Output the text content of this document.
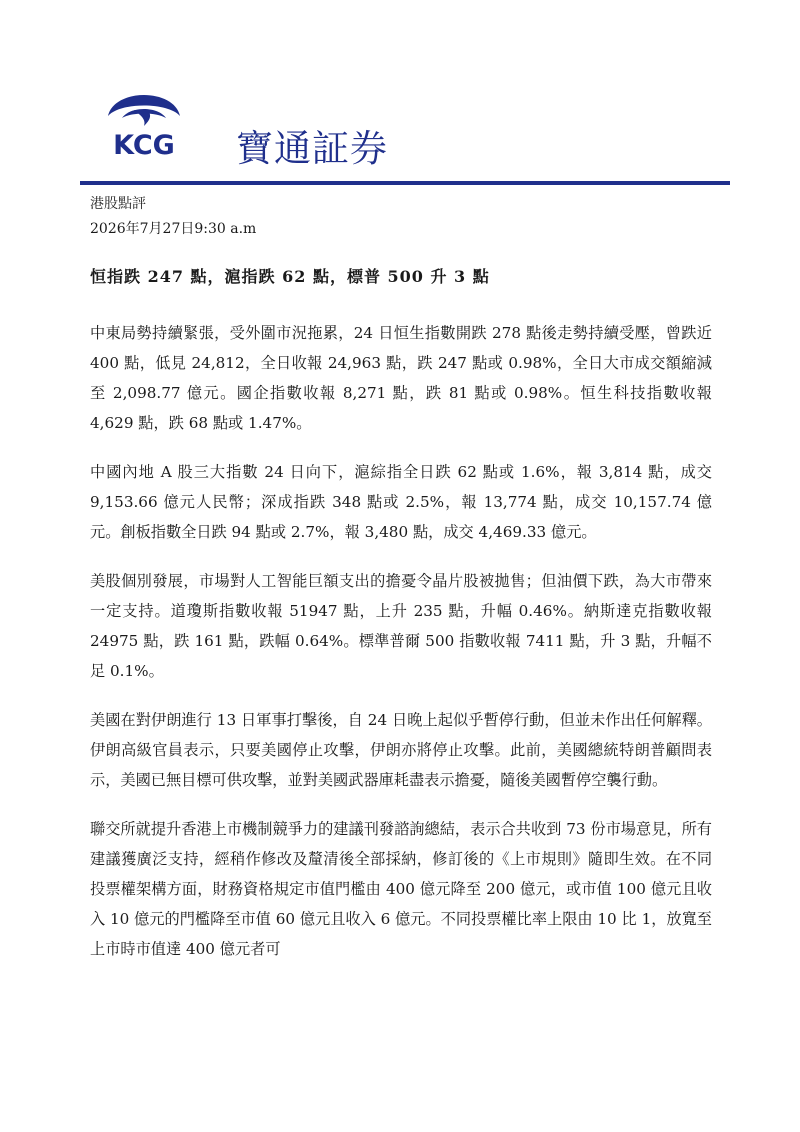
KCG 寶通証券
港股點評
2026年7月27日9:30 a.m
恒指跌 247 點，滬指跌 62 點，標普 500 升 3 點

中東局勢持續緊張，受外圍市況拖累，24 日恒生指數開跌 278 點後走勢持續受壓，曾跌近 400 點，低見 24,812，全日收報 24,963 點，跌 247 點或 0.98%，全日大市成交額縮減至 2,098.77 億元。國企指數收報 8,271 點，跌 81 點或 0.98%。恒生科技指數收報 4,629 點，跌 68 點或 1.47%。

中國內地 A 股三大指數 24 日向下，滬綜指全日跌 62 點或 1.6%，報 3,814 點，成交 9,153.66 億元人民幣；深成指跌 348 點或 2.5%，報 13,774 點，成交 10,157.74 億元。創板指數全日跌 94 點或 2.7%，報 3,480 點，成交 4,469.33 億元。

美股個別發展，市場對人工智能巨額支出的擔憂令晶片股被拋售；但油價下跌，為大市帶來一定支持。道瓊斯指數收報 51947 點，上升 235 點，升幅 0.46%。納斯達克指數收報 24975 點，跌 161 點，跌幅 0.64%。標準普爾 500 指數收報 7411 點，升 3 點，升幅不足 0.1%。

美國在對伊朗進行 13 日軍事打擊後，自 24 日晚上起似乎暫停行動，但並未作出任何解釋。伊朗高級官員表示，只要美國停止攻擊，伊朗亦將停止攻擊。此前，美國總統特朗普顧問表示，美國已無目標可供攻擊，並對美國武器庫耗盡表示擔憂，隨後美國暫停空襲行動。

聯交所就提升香港上市機制競爭力的建議刊發諮詢總結，表示合共收到 73 份市場意見，所有建議獲廣泛支持，經稍作修改及釐清後全部採納，修訂後的《上市規則》隨即生效。在不同投票權架構方面，財務資格規定市值門檻由 400 億元降至 200 億元，或市值 100 億元且收入 10 億元的門檻降至市值 60 億元且收入 6 億元。不同投票權比率上限由 10 比 1，放寬至上市時市值達 400 億元者可
